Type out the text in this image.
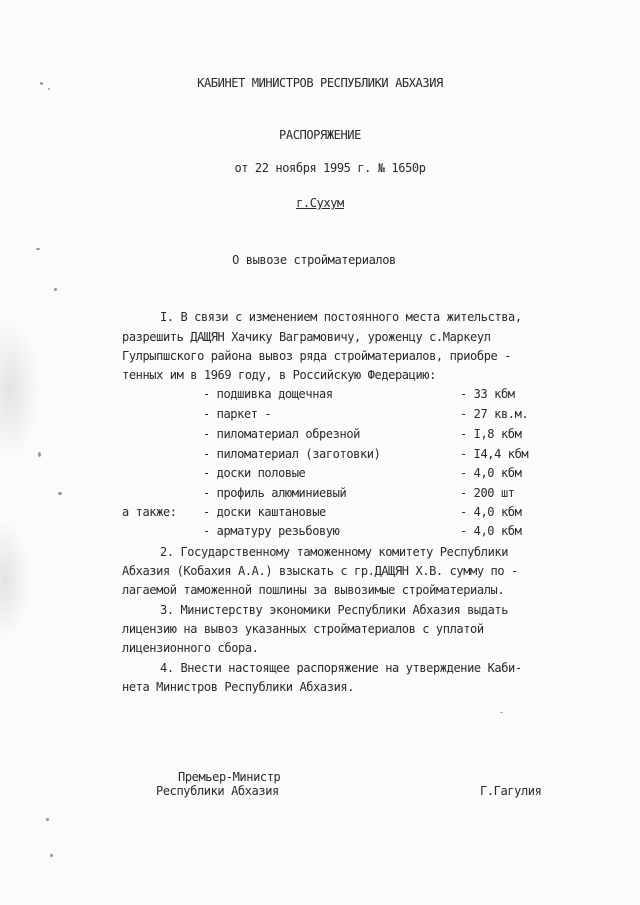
КАБИНЕТ МИНИСТРОВ РЕСПУБЛИКИ АБХАЗИЯ
РАСПОРЯЖЕНИЕ
от 22 ноября 1995 г. № 1650р
г.Сухум
О вывозе стройматериалов
I. В связи с изменением постоянного места жительства,
разрешить ДАЩЯН Хачику Ваграмовичу, уроженцу с.Маркеул
Гулрыпшского района вывоз ряда стройматериалов, приобре -
тенных им в 1969 году, в Российскую Федерацию:
- подшивка дощечная	- 33 кбм
- паркет -	- 27 кв.м.
- пиломатериал обрезной	- I,8 кбм
- пиломатериал (заготовки)	- I4,4 кбм
- доски половые	- 4,0 кбм
- профиль алюминиевый	- 200 шт
а также: - доски каштановые	- 4,0 кбм
- арматуру резьбовую	- 4,0 кбм
2. Государственному таможенному комитету Республики
Абхазия (Кобахия А.А.) взыскать с гр.ДАЩЯН Х.В. сумму по -
лагаемой таможенной пошлины за вывозимые стройматериалы.
3. Министерству экономики Республики Абхазия выдать
лицензию на вывоз указанных стройматериалов с уплатой
лицензионного сбора.
4. Внести настоящее распоряжение на утверждение Каби-
нета Министров Республики Абхазия.
Премьер-Министр
Республики Абхазия	Г.Гагулия
